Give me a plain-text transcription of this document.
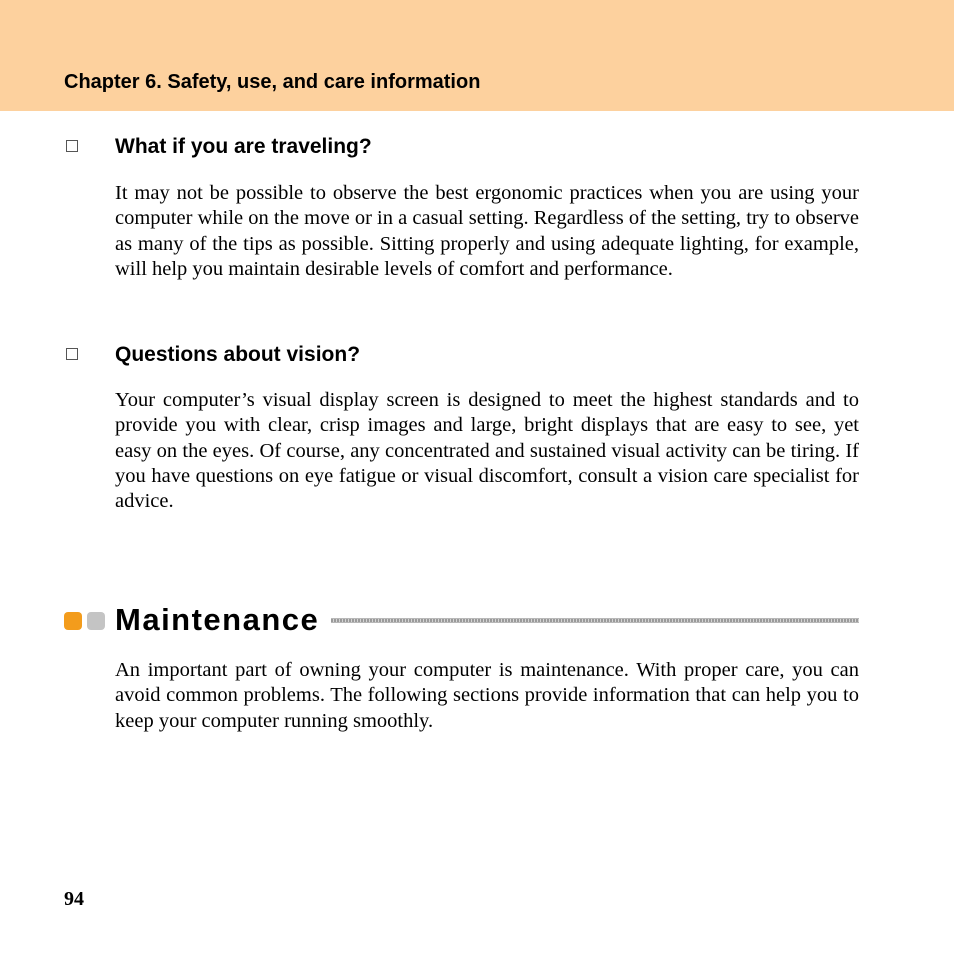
Chapter 6. Safety, use, and care information
What if you are traveling?

It may not be possible to observe the best ergonomic practices when you are using your computer while on the move or in a casual setting. Regardless of the setting, try to observe as many of the tips as possible. Sitting properly and using adequate lighting, for example, will help you maintain desirable levels of comfort and performance.

Questions about vision?

Your computer’s visual display screen is designed to meet the highest standards and to provide you with clear, crisp images and large, bright displays that are easy to see, yet easy on the eyes. Of course, any concentrated and sustained visual activity can be tiring. If you have questions on eye fatigue or visual discomfort, consult a vision care specialist for advice.

Maintenance

An important part of owning your computer is maintenance. With proper care, you can avoid common problems. The following sections provide information that can help you to keep your computer running smoothly.

94
